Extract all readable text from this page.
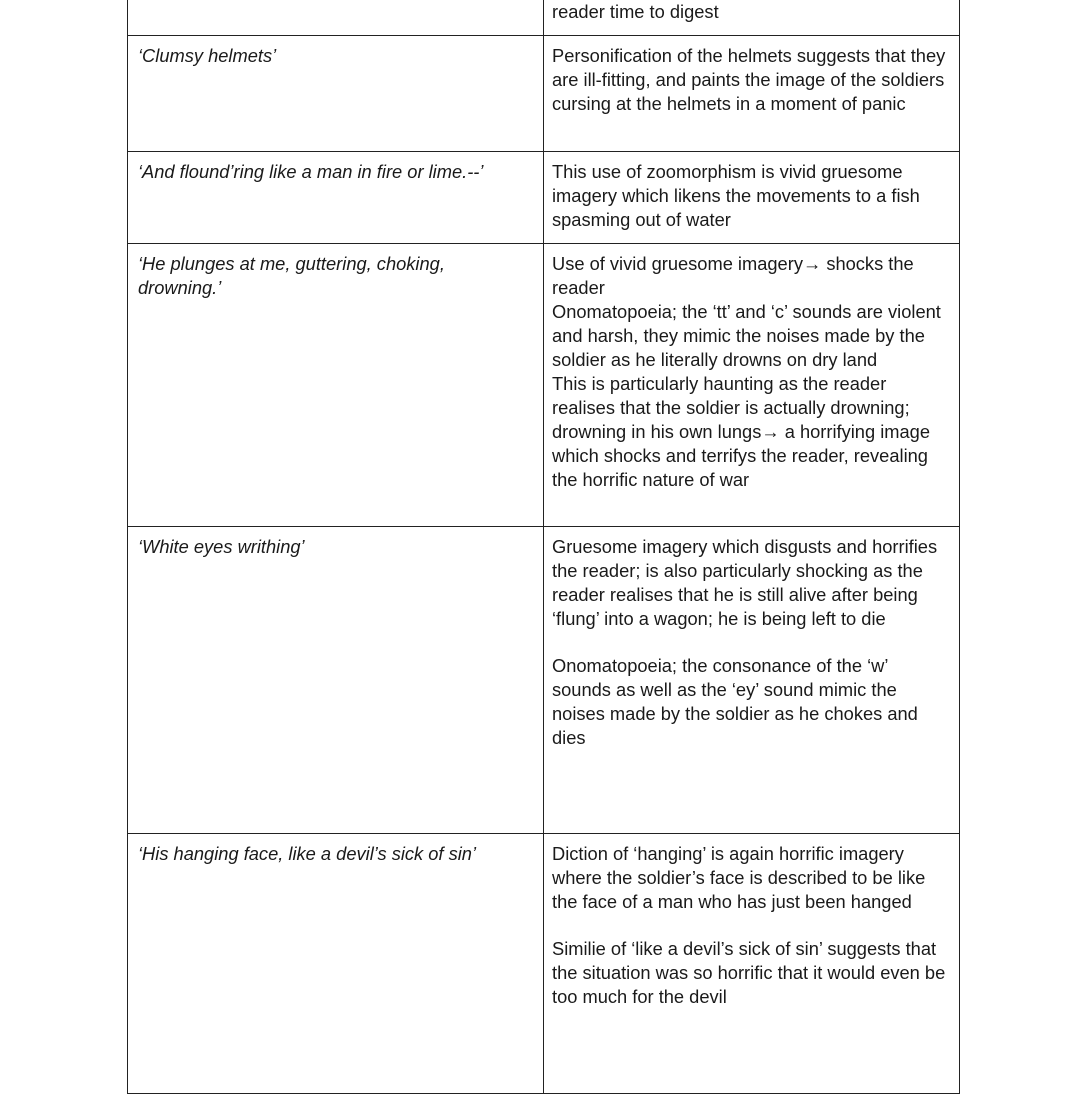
	reader time to digest

‘Clumsy helmets’	Personification of the helmets suggests that they are ill-fitting, and paints the image of the soldiers cursing at the helmets in a moment of panic

‘And flound’ring like a man in fire or lime.--’	This use of zoomorphism is vivid gruesome imagery which likens the movements to a fish spasming out of water

‘He plunges at me, guttering, choking, drowning.’	Use of vivid gruesome imagery→ shocks the reader
Onomatopoeia; the ‘tt’ and ‘c’ sounds are violent and harsh, they mimic the noises made by the soldier as he literally drowns on dry land
This is particularly haunting as the reader realises that the soldier is actually drowning; drowning in his own lungs→ a horrifying image which shocks and terrifys the reader, revealing the horrific nature of war

‘White eyes writhing’	Gruesome imagery which disgusts and horrifies the reader; is also particularly shocking as the reader realises that he is still alive after being ‘flung’ into a wagon; he is being left to die

Onomatopoeia; the consonance of the ‘w’ sounds as well as the ‘ey’ sound mimic the noises made by the soldier as he chokes and dies

‘His hanging face, like a devil’s sick of sin’	Diction of ‘hanging’ is again horrific imagery where the soldier’s face is described to be like the face of a man who has just been hanged

Similie of ‘like a devil’s sick of sin’ suggests that the situation was so horrific that it would even be too much for the devil
